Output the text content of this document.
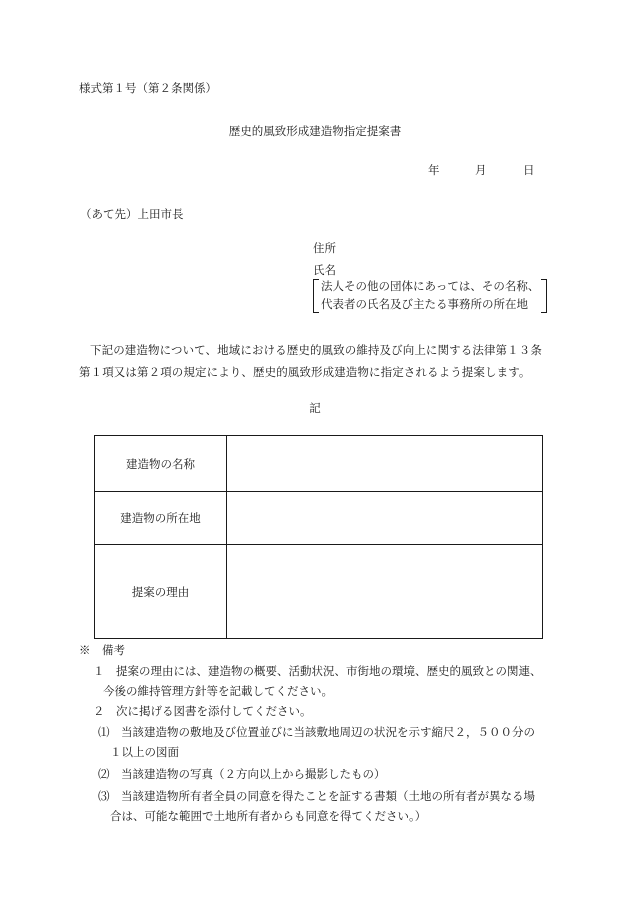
様式第１号（第２条関係）
歴史的風致形成建造物指定提案書
年	月	日
（あて先）上田市長
住所
氏名
法人その他の団体にあっては、その名称、
代表者の氏名及び主たる事務所の所在地
下記の建造物について、地域における歴史的風致の維持及び向上に関する法律第１３条第１項又は第２項の規定により、歴史的風致形成建造物に指定されるよう提案します。
記
建造物の名称	
建造物の所在地	
提案の理由	
※　備考
１　提案の理由には、建造物の概要、活動状況、市街地の環境、歴史的風致との関連、
今後の維持管理方針等を記載してください。
２　次に掲げる図書を添付してください。
⑴　当該建造物の敷地及び位置並びに当該敷地周辺の状況を示す縮尺２，５００分の
１以上の図面
⑵　当該建造物の写真（２方向以上から撮影したもの）
⑶　当該建造物所有者全員の同意を得たことを証する書類（土地の所有者が異なる場
合は、可能な範囲で土地所有者からも同意を得てください。）
